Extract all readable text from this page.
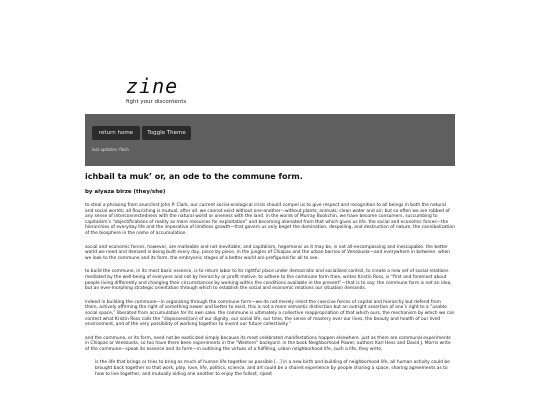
zine
fight your discontents
return home	Toggle Theme
last updates: flash
ichbail ta muk’ or, an ode to the commune form.

by alyaza birze (they/she)

to steal a phrasing from anarchist John P. Clark, our current social-ecological crisis should compel us to give respect and recognition to all beings in both the natural and social worlds; all flourishing is mutual, after all. we cannot exist without one-another—without plants; animals; clean water and air; but so often we are robbed of any sense of interconnectedness with the natural world or oneness with the land. in the words of Murray Bookchin, we have become consumers, succumbing to capitalism’s “objectifications of reality as mere resources for exploitation” and becoming alienated from that which gives us life. the social and economic forces—the hierarchies of everyday life and the imperative of limitless growth—that govern us only beget the domination, despoiling, and destruction of nature, the cannibalization of the biosphere in the name of accumulation.

social and economic forces, however, are malleable and not inevitable; and capitalism, hegemonic as it may be, is not all-encompassing and inescapable. the better world we need and demand is being built every day, piece by piece, in the jungles of Chiapas and the urban barrios of Venezuela—and everywhere in between. when we look to the commune and its form, the embryonic stages of a better world are prefigured for all to see.

to build the commune, in its most basic essence, is to return labor to its rightful place under democratic and socialized control, to create a new set of social relations mediated by the well-being of everyone and not by hierarchy or profit motive. to adhere to the commune form then, writes Kristin Ross, is “first and foremost about people living differently and changing their circumstances by working within the conditions available in the present”—that is to say: the commune form is not an idea, but an ever-morphing strategic orientation through which to establish the social and economic relations our situation demands.

indeed in building the commune—in organizing through the commune form—we do not merely resist the coercive forces of capital and hierarchy but defend from them, actively affirming the right of something newer and better to exist. this is not a mere semantic distinction but an outright assertion of one’s right to a “usable social space,” liberated from accumulation for its own sake. the commune is ultimately a collective reappropriation of that which ours, the mechanism by which we can contest what Kristin Ross calls the “dispossess[ion] of our dignity, our social life, our time, the sense of mastery over our lives, the beauty and health of our lived environment, and of the very possibility of working together to invent our future collectively.”

and the commune, or its form, need not be exoticized simply because its most celebrated manifestations happen elsewhere. just as there are communal experiments in Chiapas or Venezuela, so too have there been experiments in the “Western” backyard. in the book Neighborhood Power, authors Karl Hess and David J. Morris write of the commune—speak its essence and its form—in outlining the virtues of a fulfilling, urban neighborhood life, such a life, they write,

is the life that brings or tries to bring as much of human life together as possible [...] in a new birth and building of neighborhood life, all human activity could be brought back together so that work, play, love, life, politics, science, and art could be a shared experience by people sharing a space, sharing agreements as to how to live together, and mutually aiding one another to enjoy the fullest, ripest
